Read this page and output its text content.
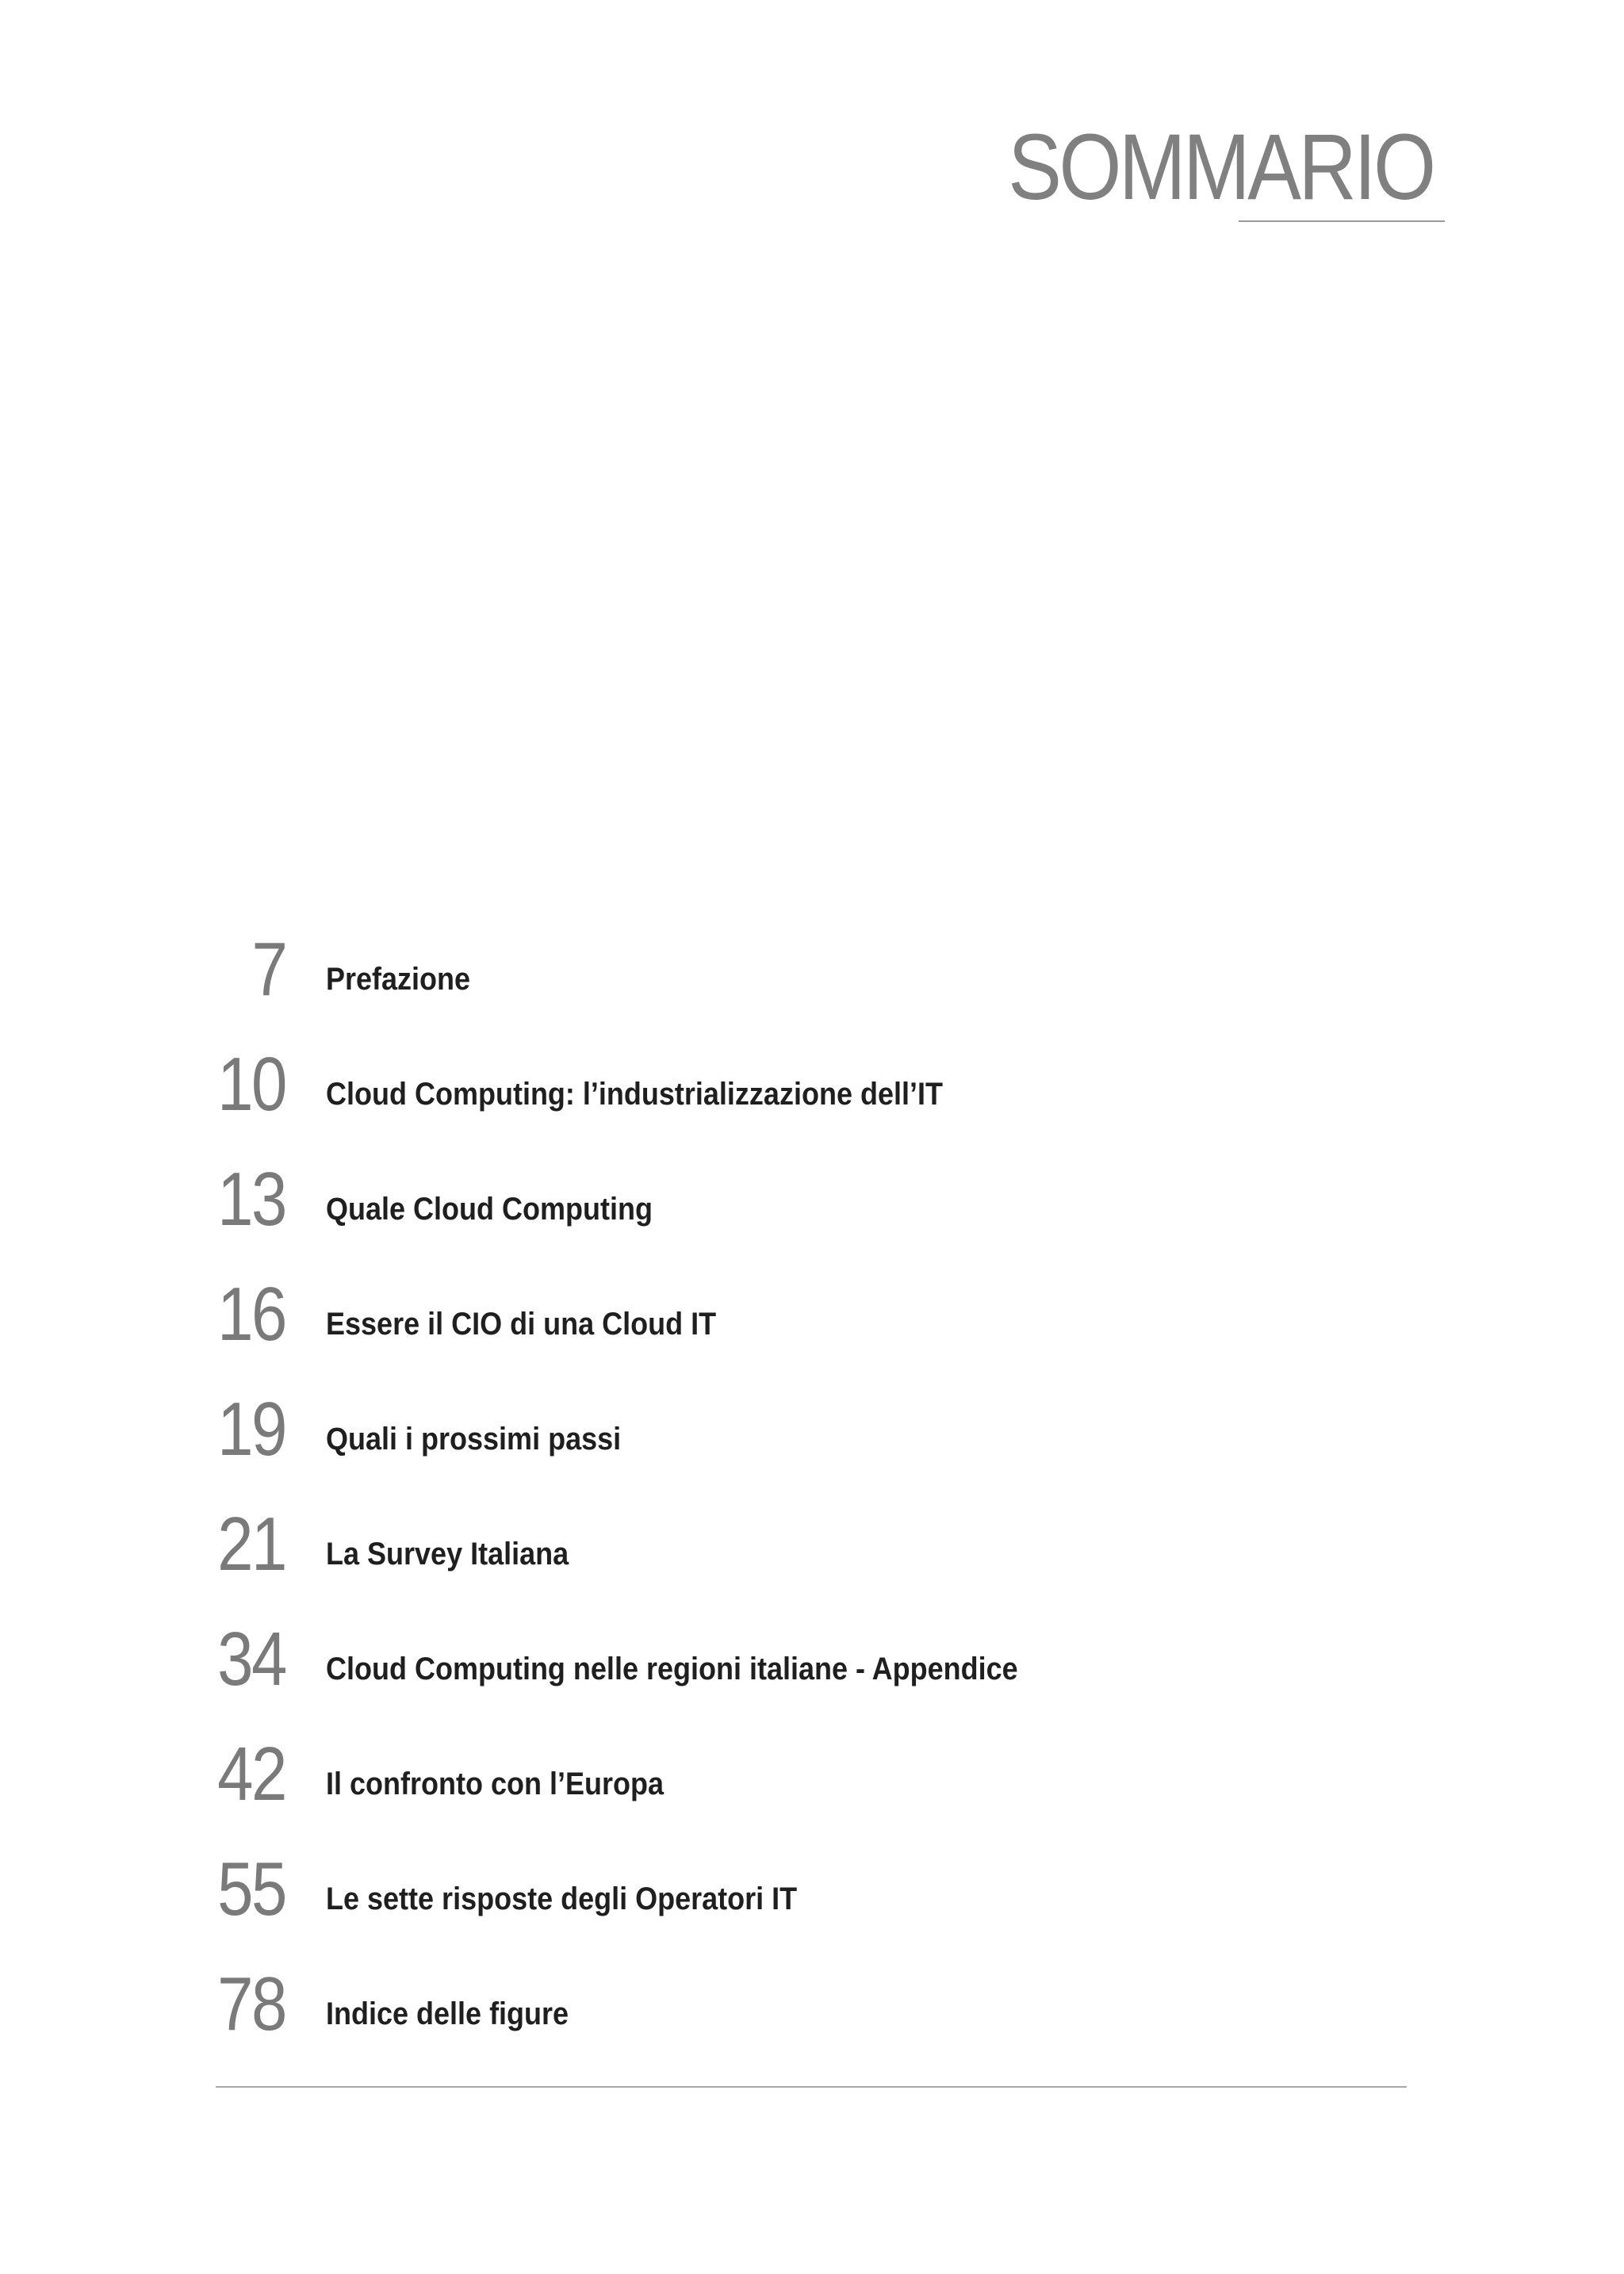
SOMMARIO
7 Prefazione
10 Cloud Computing: l’industrializzazione dell’IT
13 Quale Cloud Computing
16 Essere il CIO di una Cloud IT
19 Quali i prossimi passi
21 La Survey Italiana
34 Cloud Computing nelle regioni italiane - Appendice
42 Il confronto con l’Europa
55 Le sette risposte degli Operatori IT
78 Indice delle figure
